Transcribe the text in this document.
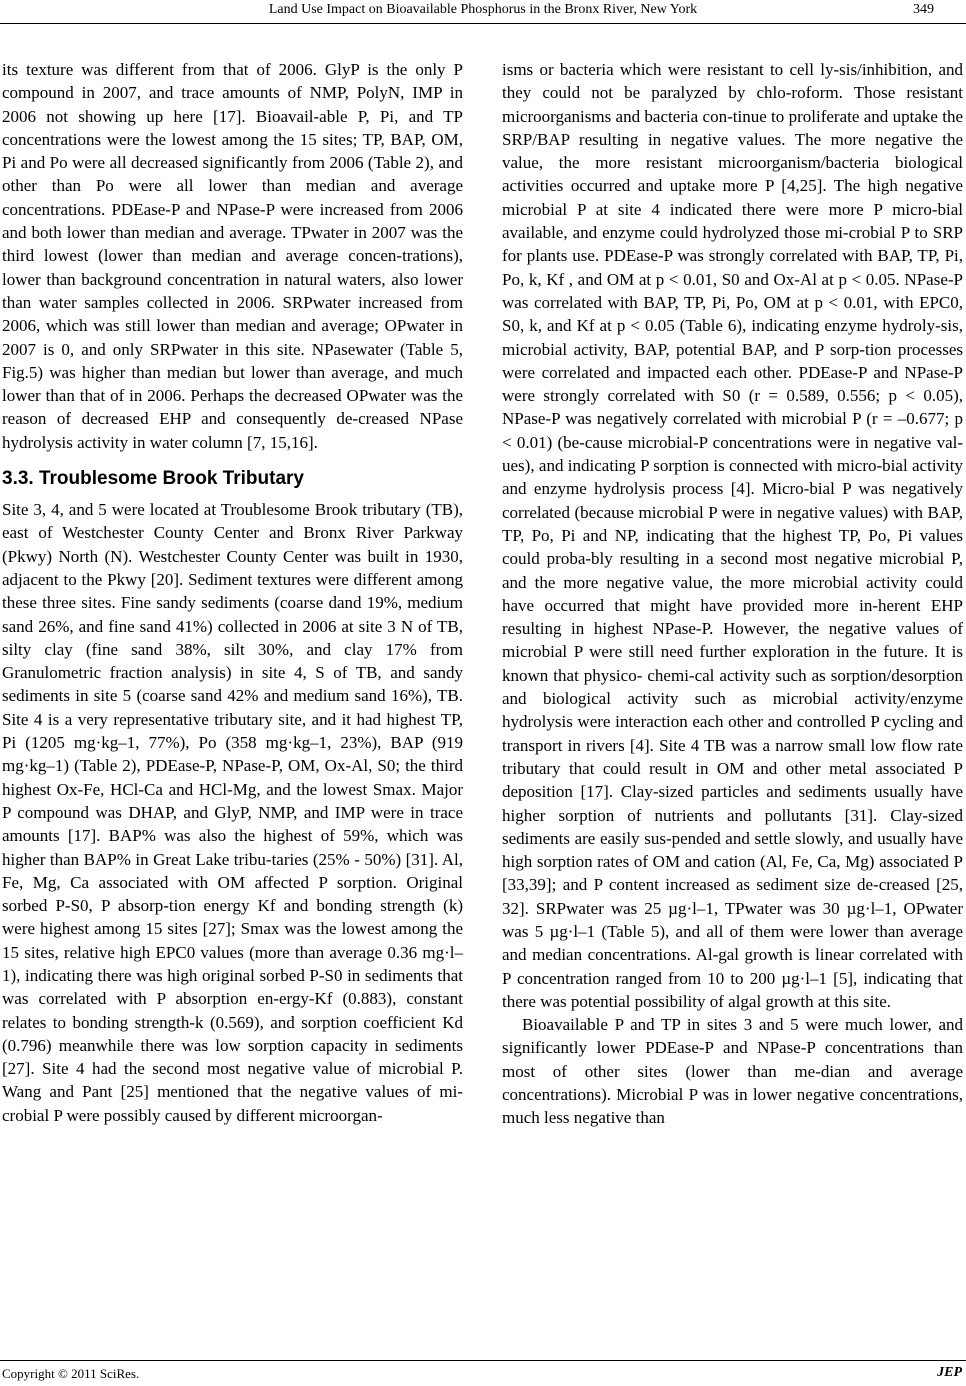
Land Use Impact on Bioavailable Phosphorus in the Bronx River, New York	349

its texture was different from that of 2006. GlyP is the only P compound in 2007, and trace amounts of NMP, PolyN, IMP in 2006 not showing up here [17]. Bioavail-able P, Pi, and TP concentrations were the lowest among the 15 sites; TP, BAP, OM, Pi and Po were all decreased significantly from 2006 (Table 2), and other than Po were all lower than median and average concentrations. PDEase-P and NPase-P were increased from 2006 and both lower than median and average. TPwater in 2007 was the third lowest (lower than median and average concen-trations), lower than background concentration in natural waters, also lower than water samples collected in 2006. SRPwater increased from 2006, which was still lower than median and average; OPwater in 2007 is 0, and only SRPwater in this site. NPasewater (Table 5, Fig.5) was higher than median but lower than average, and much lower than that of in 2006. Perhaps the decreased OPwater was the reason of decreased EHP and consequently de-creased NPase hydrolysis activity in water column [7, 15,16].

3.3. Troublesome Brook Tributary

Site 3, 4, and 5 were located at Troublesome Brook tributary (TB), east of Westchester County Center and Bronx River Parkway (Pkwy) North (N). Westchester County Center was built in 1930, adjacent to the Pkwy [20]. Sediment textures were different among these three sites. Fine sandy sediments (coarse dand 19%, medium sand 26%, and fine sand 41%) collected in 2006 at site 3 N of TB, silty clay (fine sand 38%, silt 30%, and clay 17% from Granulometric fraction analysis) in site 4, S of TB, and sandy sediments in site 5 (coarse sand 42% and medium sand 16%), TB. Site 4 is a very representative tributary site, and it had highest TP, Pi (1205 mg·kg–1, 77%), Po (358 mg·kg–1, 23%), BAP (919 mg·kg–1) (Table 2), PDEase-P, NPase-P, OM, Ox-Al, S0; the third highest Ox-Fe, HCl-Ca and HCl-Mg, and the lowest Smax. Major P compound was DHAP, and GlyP, NMP, and IMP were in trace amounts [17]. BAP% was also the highest of 59%, which was higher than BAP% in Great Lake tribu-taries (25% - 50%) [31]. Al, Fe, Mg, Ca associated with OM affected P sorption. Original sorbed P-S0, P absorp-tion energy Kf and bonding strength (k) were highest among 15 sites [27]; Smax was the lowest among the 15 sites, relative high EPC0 values (more than average 0.36 mg·l–1), indicating there was high original sorbed P-S0 in sediments that was correlated with P absorption en-ergy-Kf (0.883), constant relates to bonding strength-k (0.569), and sorption coefficient Kd (0.796) meanwhile there was low sorption capacity in sediments [27]. Site 4 had the second most negative value of microbial P. Wang and Pant [25] mentioned that the negative values of mi-crobial P were possibly caused by different microorgan-

isms or bacteria which were resistant to cell ly-sis/inhibition, and they could not be paralyzed by chlo-roform. Those resistant microorganisms and bacteria con-tinue to proliferate and uptake the SRP/BAP resulting in negative values. The more negative the value, the more resistant microorganism/bacteria biological activities occurred and uptake more P [4,25]. The high negative microbial P at site 4 indicated there were more P micro-bial available, and enzyme could hydrolyzed those mi-crobial P to SRP for plants use. PDEase-P was strongly correlated with BAP, TP, Pi, Po, k, Kf , and OM at p < 0.01, S0 and Ox-Al at p < 0.05. NPase-P was correlated with BAP, TP, Pi, Po, OM at p < 0.01, with EPC0, S0, k, and Kf at p < 0.05 (Table 6), indicating enzyme hydroly-sis, microbial activity, BAP, potential BAP, and P sorp-tion processes were correlated and impacted each other. PDEase-P and NPase-P were strongly correlated with S0 (r = 0.589, 0.556; p < 0.05), NPase-P was negatively correlated with microbial P (r = –0.677; p < 0.01) (be-cause microbial-P concentrations were in negative val-ues), and indicating P sorption is connected with micro-bial activity and enzyme hydrolysis process [4]. Micro-bial P was negatively correlated (because microbial P were in negative values) with BAP, TP, Po, Pi and NP, indicating that the highest TP, Po, Pi values could proba-bly resulting in a second most negative microbial P, and the more negative value, the more microbial activity could have occurred that might have provided more in-herent EHP resulting in highest NPase-P. However, the negative values of microbial P were still need further exploration in the future. It is known that physico- chemi-cal activity such as sorption/desorption and biological activity such as microbial activity/enzyme hydrolysis were interaction each other and controlled P cycling and transport in rivers [4]. Site 4 TB was a narrow small low flow rate tributary that could result in OM and other metal associated P deposition [17]. Clay-sized particles and sediments usually have higher sorption of nutrients and pollutants [31]. Clay-sized sediments are easily sus-pended and settle slowly, and usually have high sorption rates of OM and cation (Al, Fe, Ca, Mg) associated P [33,39]; and P content increased as sediment size de-creased [25, 32]. SRPwater was 25 µg·l–1, TPwater was 30 µg·l–1, OPwater was 5 µg·l–1 (Table 5), and all of them were lower than average and median concentrations. Al-gal growth is linear correlated with P concentration ranged from 10 to 200 µg·l–1 [5], indicating that there was potential possibility of algal growth at this site.

Bioavailable P and TP in sites 3 and 5 were much lower, and significantly lower PDEase-P and NPase-P concentrations than most of other sites (lower than me-dian and average concentrations). Microbial P was in lower negative concentrations, much less negative than

Copyright © 2011 SciRes.	JEP
